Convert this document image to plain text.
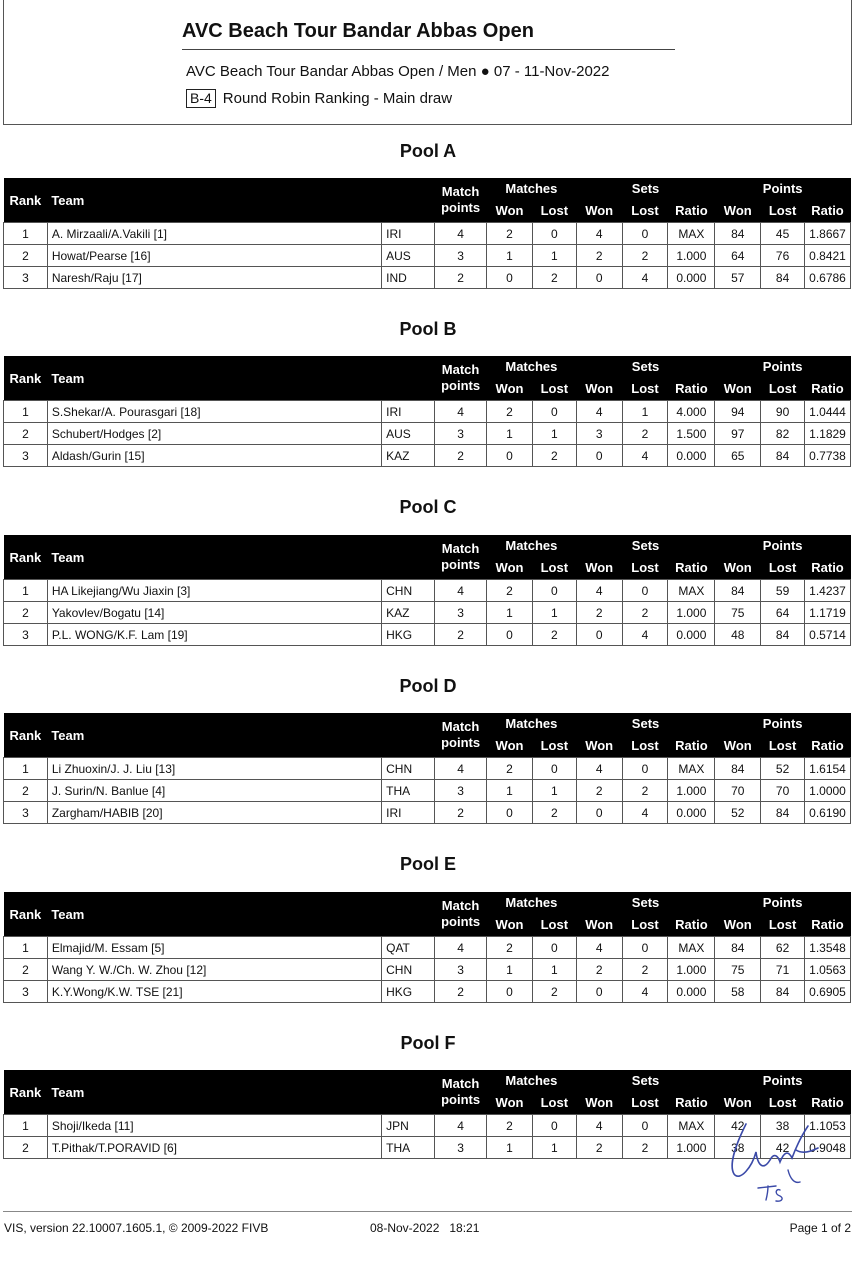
AVC Beach Tour Bandar Abbas Open
AVC Beach Tour Bandar Abbas Open / Men ● 07 - 11-Nov-2022
B-4 Round Robin Ranking - Main draw
Pool A
Rank	Team		Match
points	Matches		Sets			Points		
				Won	Lost	Won	Lost	Ratio	Won	Lost	Ratio
1	A. Mirzaali/A.Vakili [1]	IRI	4	2	0	4	0	MAX	84	45	1.8667
2	Howat/Pearse [16]	AUS	3	1	1	2	2	1.000	64	76	0.8421
3	Naresh/Raju [17]	IND	2	0	2	0	4	0.000	57	84	0.6786
Pool B
Rank	Team		Match
points	Matches		Sets			Points		
				Won	Lost	Won	Lost	Ratio	Won	Lost	Ratio
1	S.Shekar/A. Pourasgari [18]	IRI	4	2	0	4	1	4.000	94	90	1.0444
2	Schubert/Hodges [2]	AUS	3	1	1	3	2	1.500	97	82	1.1829
3	Aldash/Gurin [15]	KAZ	2	0	2	0	4	0.000	65	84	0.7738
Pool C
Rank	Team		Match
points	Matches		Sets			Points		
				Won	Lost	Won	Lost	Ratio	Won	Lost	Ratio
1	HA Likejiang/Wu Jiaxin [3]	CHN	4	2	0	4	0	MAX	84	59	1.4237
2	Yakovlev/Bogatu [14]	KAZ	3	1	1	2	2	1.000	75	64	1.1719
3	P.L. WONG/K.F. Lam [19]	HKG	2	0	2	0	4	0.000	48	84	0.5714
Pool D
Rank	Team		Match
points	Matches		Sets			Points		
				Won	Lost	Won	Lost	Ratio	Won	Lost	Ratio
1	Li Zhuoxin/J. J. Liu [13]	CHN	4	2	0	4	0	MAX	84	52	1.6154
2	J. Surin/N. Banlue [4]	THA	3	1	1	2	2	1.000	70	70	1.0000
3	Zargham/HABIB [20]	IRI	2	0	2	0	4	0.000	52	84	0.6190
Pool E
Rank	Team		Match
points	Matches		Sets			Points		
				Won	Lost	Won	Lost	Ratio	Won	Lost	Ratio
1	Elmajid/M. Essam [5]	QAT	4	2	0	4	0	MAX	84	62	1.3548
2	Wang Y. W./Ch. W. Zhou [12]	CHN	3	1	1	2	2	1.000	75	71	1.0563
3	K.Y.Wong/K.W. TSE [21]	HKG	2	0	2	0	4	0.000	58	84	0.6905
Pool F
Rank	Team		Match
points	Matches		Sets			Points		
				Won	Lost	Won	Lost	Ratio	Won	Lost	Ratio
1	Shoji/Ikeda [11]	JPN	4	2	0	4	0	MAX	42	38	1.1053
2	T.Pithak/T.PORAVID [6]	THA	3	1	1	2	2	1.000	38	42	0.9048
VIS, version 22.10007.1605.1, © 2009-2022 FIVB	08-Nov-2022   18:21	Page 1 of 2
